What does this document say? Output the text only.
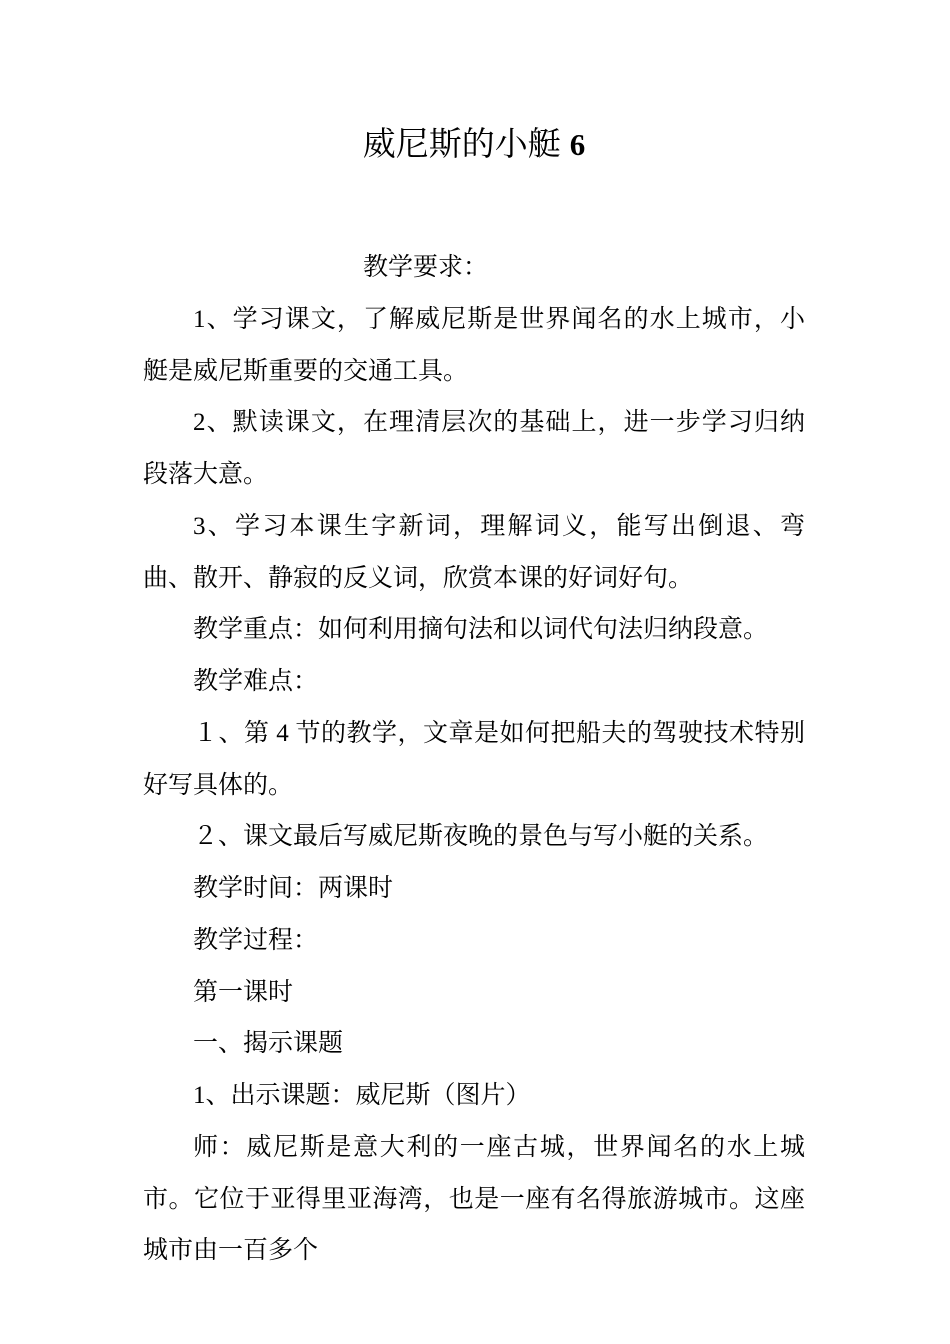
威尼斯的小艇 6

教学要求：

1、学习课文，了解威尼斯是世界闻名的水上城市，小艇是威尼斯重要的交通工具。

2、默读课文，在理清层次的基础上，进一步学习归纳段落大意。

3、学习本课生字新词，理解词义，能写出倒退、弯曲、散开、静寂的反义词，欣赏本课的好词好句。

教学重点：如何利用摘句法和以词代句法归纳段意。

教学难点：

１、第 4 节的教学，文章是如何把船夫的驾驶技术特别好写具体的。

２、课文最后写威尼斯夜晚的景色与写小艇的关系。

教学时间：两课时

教学过程：

第一课时

一、揭示课题

1、出示课题：威尼斯（图片）

师：威尼斯是意大利的一座古城，世界闻名的水上城市。它位于亚得里亚海湾，也是一座有名得旅游城市。这座城市由一百多个
